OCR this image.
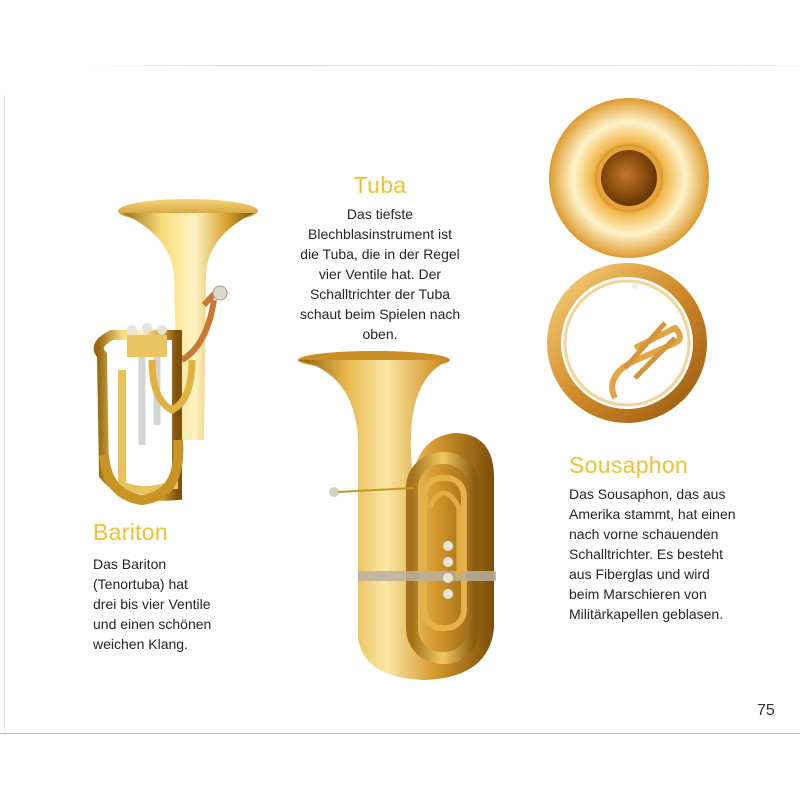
Bariton
Das Bariton
(Tenortuba) hat
drei bis vier Ventile
und einen schönen
weichen Klang.
Tuba
Das tiefste
Blechblasinstrument ist
die Tuba, die in der Regel
vier Ventile hat. Der
Schalltrichter der Tuba
schaut beim Spielen nach
oben.
Sousaphon
Das Sousaphon, das aus
Amerika stammt, hat einen
nach vorne schauenden
Schalltrichter. Es besteht
aus Fiberglas und wird
beim Marschieren von
Militärkapellen geblasen.
75
